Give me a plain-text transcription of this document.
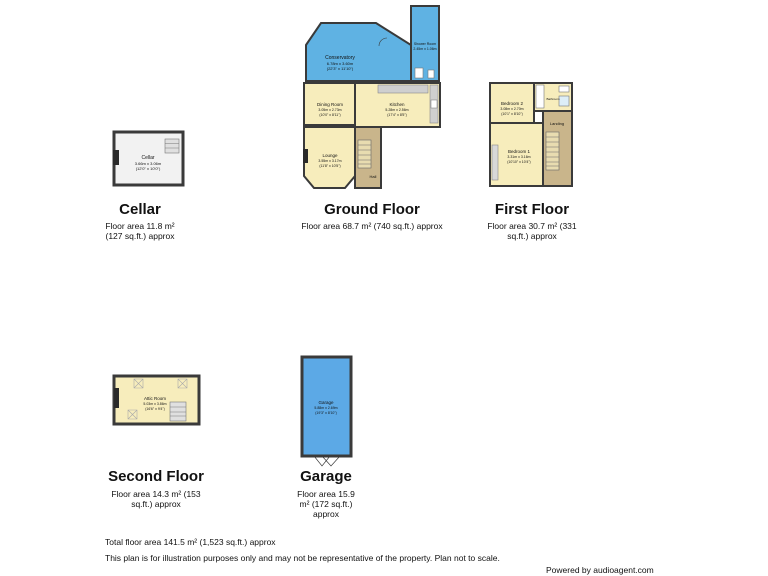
Cellar
3.66m x 3.06m
(12'0" x 10'0")
Conservatory
6.78m x 3.60m
(22'3" x 11'10")
Shower Room
2.45m x 1.06m
Dining Room
3.05m x 2.73m
(10'0" x 8'11")
Kitchen
5.28m x 2.56m
(17'4" x 8'5")
Lounge
3.55m x 3.17m
(11'8" x 10'5")
Hall
Bedroom 2
3.08m x 2.70m
(10'1" x 8'10")
Bathroom
Landing
Bedroom 1
3.31m x 3.16m
(10'10" x 10'4")
Attic Room
5.03m x 3.86m
(16'6" x 9'4")
Garage
5.88m x 2.69m
(19'3" x 8'10")
Cellar
Floor area 11.8 m²
(127 sq.ft.) approx
Ground Floor
Floor area 68.7 m² (740 sq.ft.) approx
First Floor
Floor area 30.7 m² (331
sq.ft.) approx
Second Floor
Floor area 14.3 m² (153
sq.ft.) approx
Garage
Floor area 15.9
m² (172 sq.ft.)
approx
Total floor area 141.5 m² (1,523 sq.ft.) approx
This plan is for illustration purposes only and may not be representative of the property. Plan not to scale.
Powered by audioagent.com
